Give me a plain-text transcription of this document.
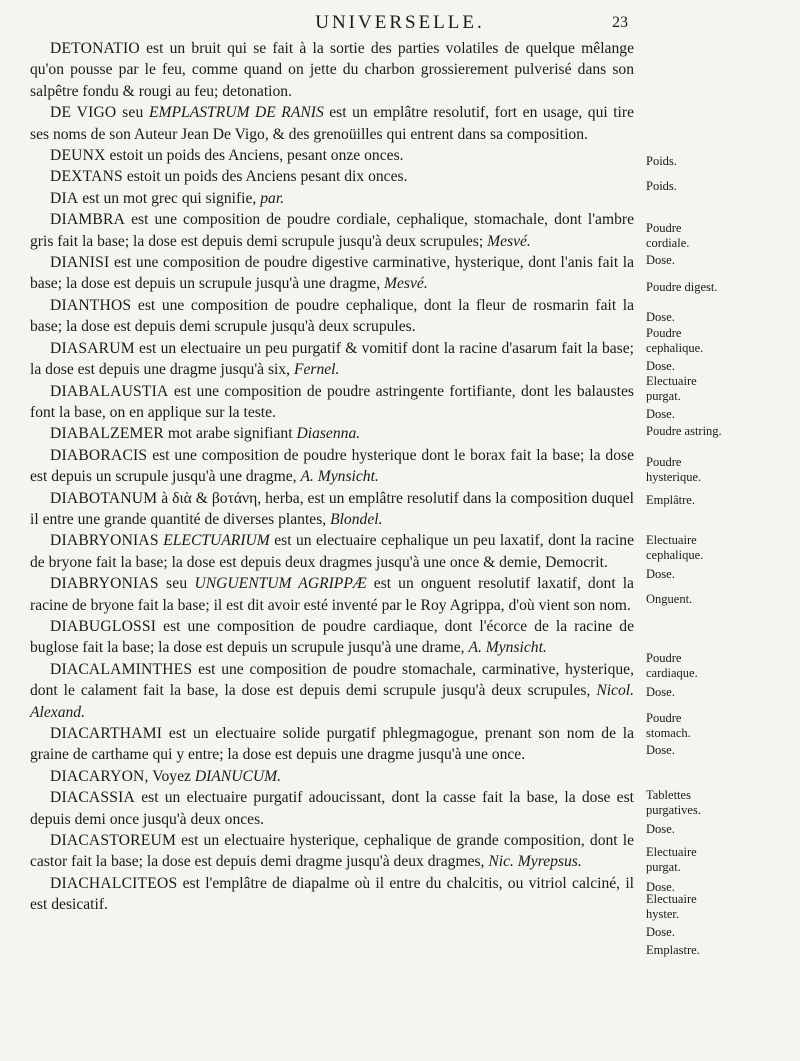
UNIVERSELLE.	23

DETONATIO est un bruit qui se fait à la sortie des parties volatiles de quelque mêlange qu'on pousse par le feu, comme quand on jette du charbon grossierement pulverisé dans son salpêtre fondu & rougi au feu; detonation.

DE VIGO seu EMPLASTRUM DE RANIS est un emplâtre resolutif, fort en usage, qui tire ses noms de son Auteur Jean De Vigo, & des grenoüilles qui entrent dans sa composition.

DEUNX estoit un poids des Anciens, pesant onze onces.

DEXTANS estoit un poids des Anciens pesant dix onces.

DIA est un mot grec qui signifie, par.

DIAMBRA est une composition de poudre cordiale, cephalique, stomachale, dont l'ambre gris fait la base; la dose est depuis demi scrupule jusqu'à deux scrupules; Mesvé.

DIANISI est une composition de poudre digestive carminative, hysterique, dont l'anis fait la base; la dose est depuis un scrupule jusqu'à une dragme, Mesvé.

DIANTHOS est une composition de poudre cephalique, dont la fleur de rosmarin fait la base; la dose est depuis demi scrupule jusqu'à deux scrupules.

DIASARUM est un electuaire un peu purgatif & vomitif dont la racine d'asarum fait la base; la dose est depuis une dragme jusqu'à six, Fernel.

DIABALAUSTIA est une composition de poudre astringente fortifiante, dont les balaustes font la base, on en applique sur la teste.

DIABALZEMER mot arabe signifiant Diasenna.

DIABORACIS est une composition de poudre hysterique dont le borax fait la base; la dose est depuis un scrupule jusqu'à une dragme, A. Mynsicht.

DIABOTANUM à διὰ & βοτάνη, herba, est un emplâtre resolutif dans la composition duquel il entre une grande quantité de diverses plantes, Blondel.

DIABRYONIAS ELECTUARIUM est un electuaire cephalique un peu laxatif, dont la racine de bryone fait la base; la dose est depuis deux dragmes jusqu'à une once & demie, Democrit.

DIABRYONIAS seu UNGUENTUM AGRIPPÆ est un onguent resolutif laxatif, dont la racine de bryone fait la base; il est dit avoir esté inventé par le Roy Agrippa, d'où vient son nom.

DIABUGLOSSI est une composition de poudre cardiaque, dont l'écorce de la racine de buglose fait la base; la dose est depuis un scrupule jusqu'à une drame, A. Mynsicht.

DIACALAMINTHES est une composition de poudre stomachale, carminative, hysterique, dont le calament fait la base, la dose est depuis demi scrupule jusqu'à deux scrupules, Nicol. Alexand.

DIACARTHAMI est un electuaire solide purgatif phlegmagogue, prenant son nom de la graine de carthame qui y entre; la dose est depuis une dragme jusqu'à une once.

DIACARYON, Voyez DIANUCUM.

DIACASSIA est un electuaire purgatif adoucissant, dont la casse fait la base, la dose est depuis demi once jusqu'à deux onces.

DIACASTOREUM est un electuaire hysterique, cephalique de grande composition, dont le castor fait la base; la dose est depuis demi dragme jusqu'à deux dragmes, Nic. Myrepsus.

DIACHALCITEOS est l'emplâtre de diapalme où il entre du chalcitis, ou vitriol calciné, il est desicatif.

Poids.
Poids.
Poudre cordiale.
Dose.
Poudre digest.
Dose.
Poudre cephalique.
Dose.
Electuaire purgat.
Dose.
Poudre astring.
Poudre hysterique.
Emplâtre.
Electuaire cephalique.
Dose.
Onguent.
Poudre cardiaque.
Dose.
Poudre stomach.
Dose.
Tablettes purgatives.
Dose.
Electuaire purgat.
Dose.
Electuaire hyster.
Dose.
Emplastre.
